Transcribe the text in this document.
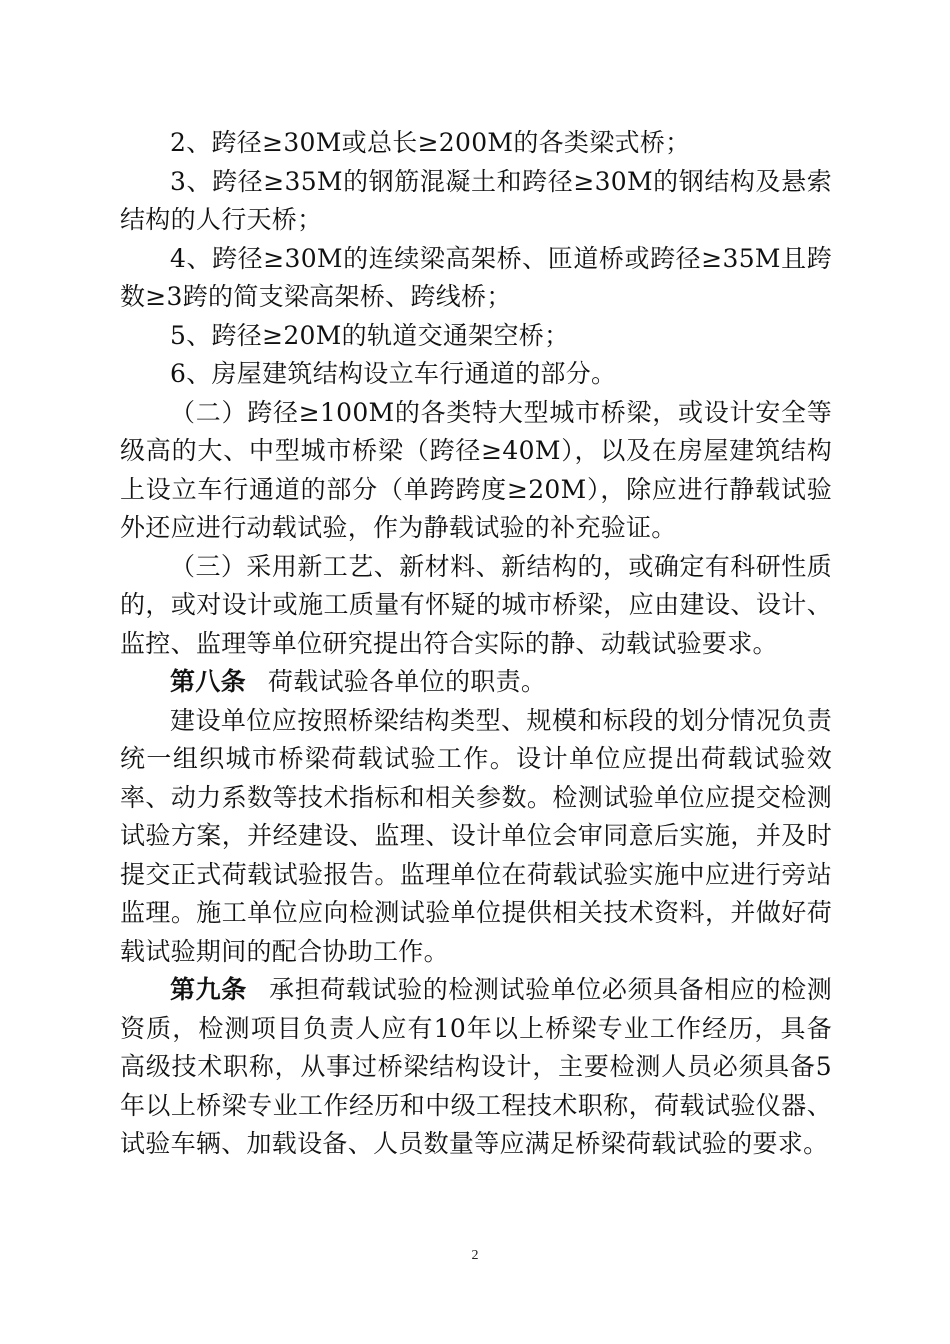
2、跨径≥30M或总长≥200M的各类梁式桥；

3、跨径≥35M的钢筋混凝土和跨径≥30M的钢结构及悬索结构的人行天桥；

4、跨径≥30M的连续梁高架桥、匝道桥或跨径≥35M且跨数≥3跨的简支梁高架桥、跨线桥；

5、跨径≥20M的轨道交通架空桥；

6、房屋建筑结构设立车行通道的部分。

（二）跨径≥100M的各类特大型城市桥梁，或设计安全等级高的大、中型城市桥梁（跨径≥40M），以及在房屋建筑结构上设立车行通道的部分（单跨跨度≥20M），除应进行静载试验外还应进行动载试验，作为静载试验的补充验证。

（三）采用新工艺、新材料、新结构的，或确定有科研性质的，或对设计或施工质量有怀疑的城市桥梁，应由建设、设计、监控、监理等单位研究提出符合实际的静、动载试验要求。

第八条 荷载试验各单位的职责。

建设单位应按照桥梁结构类型、规模和标段的划分情况负责统一组织城市桥梁荷载试验工作。设计单位应提出荷载试验效率、动力系数等技术指标和相关参数。检测试验单位应提交检测试验方案，并经建设、监理、设计单位会审同意后实施，并及时提交正式荷载试验报告。监理单位在荷载试验实施中应进行旁站监理。施工单位应向检测试验单位提供相关技术资料，并做好荷载试验期间的配合协助工作。

第九条 承担荷载试验的检测试验单位必须具备相应的检测资质，检测项目负责人应有10年以上桥梁专业工作经历，具备高级技术职称，从事过桥梁结构设计，主要检测人员必须具备5年以上桥梁专业工作经历和中级工程技术职称，荷载试验仪器、试验车辆、加载设备、人员数量等应满足桥梁荷载试验的要求。

2
